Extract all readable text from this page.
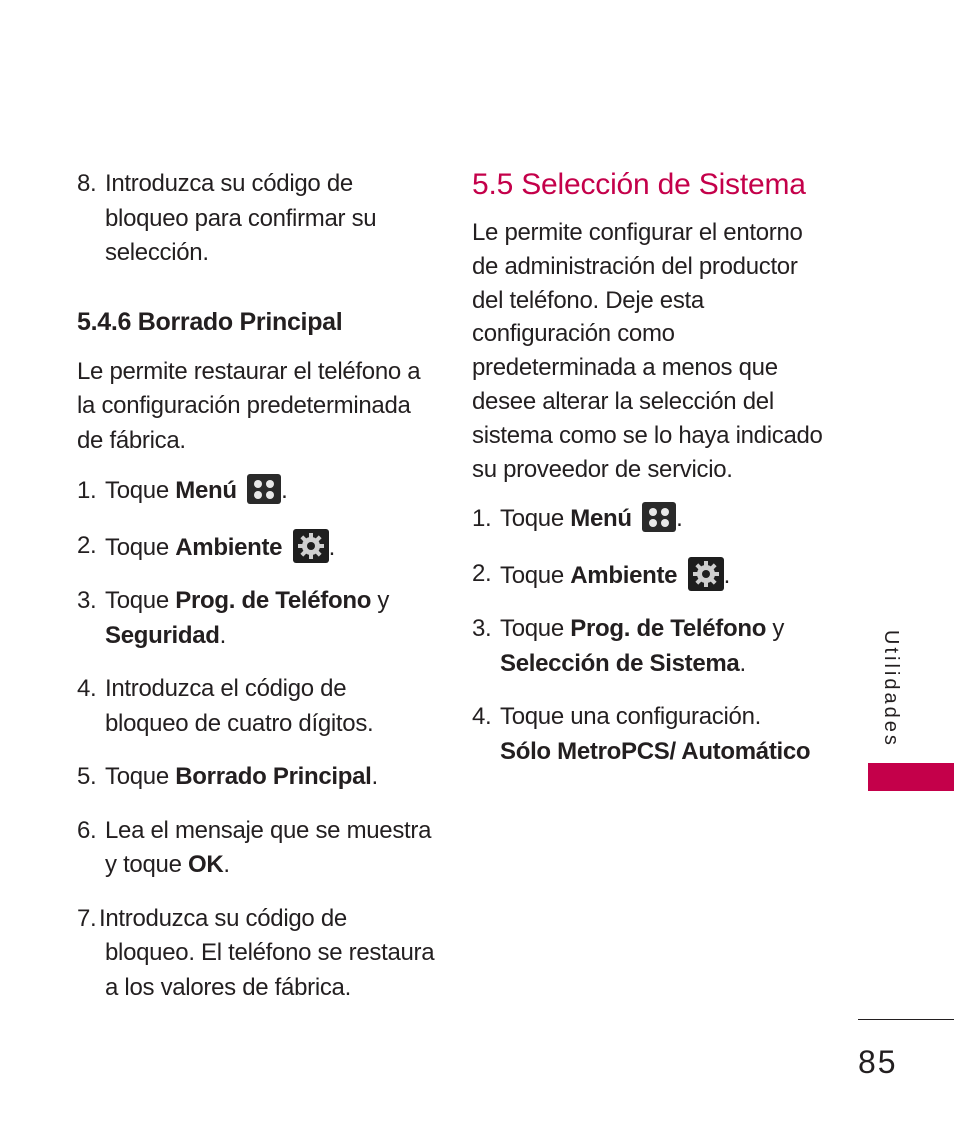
8. Introduzca su código de
bloqueo para confirmar su
selección.
5.4.6 Borrado Principal

Le permite restaurar el teléfono a
la configuración predeterminada
de fábrica.

1. Toque Menú .
2. Toque Ambiente .
3. Toque Prog. de Teléfono y
Seguridad.
4. Introduzca el código de
bloqueo de cuatro dígitos.
5. Toque Borrado Principal.
6. Lea el mensaje que se muestra
y toque OK.
7. Introduzca su código de
bloqueo. El teléfono se restaura
a los valores de fábrica.
5.5 Selección de Sistema

Le permite configurar el entorno
de administración del productor
del teléfono. Deje esta
configuración como
predeterminada a menos que
desee alterar la selección del
sistema como se lo haya indicado
su proveedor de servicio.

1. Toque Menú .
2. Toque Ambiente .
3. Toque Prog. de Teléfono y
Selección de Sistema.
4. Toque una configuración.
Sólo MetroPCS/ Automático
Utilidades
85
